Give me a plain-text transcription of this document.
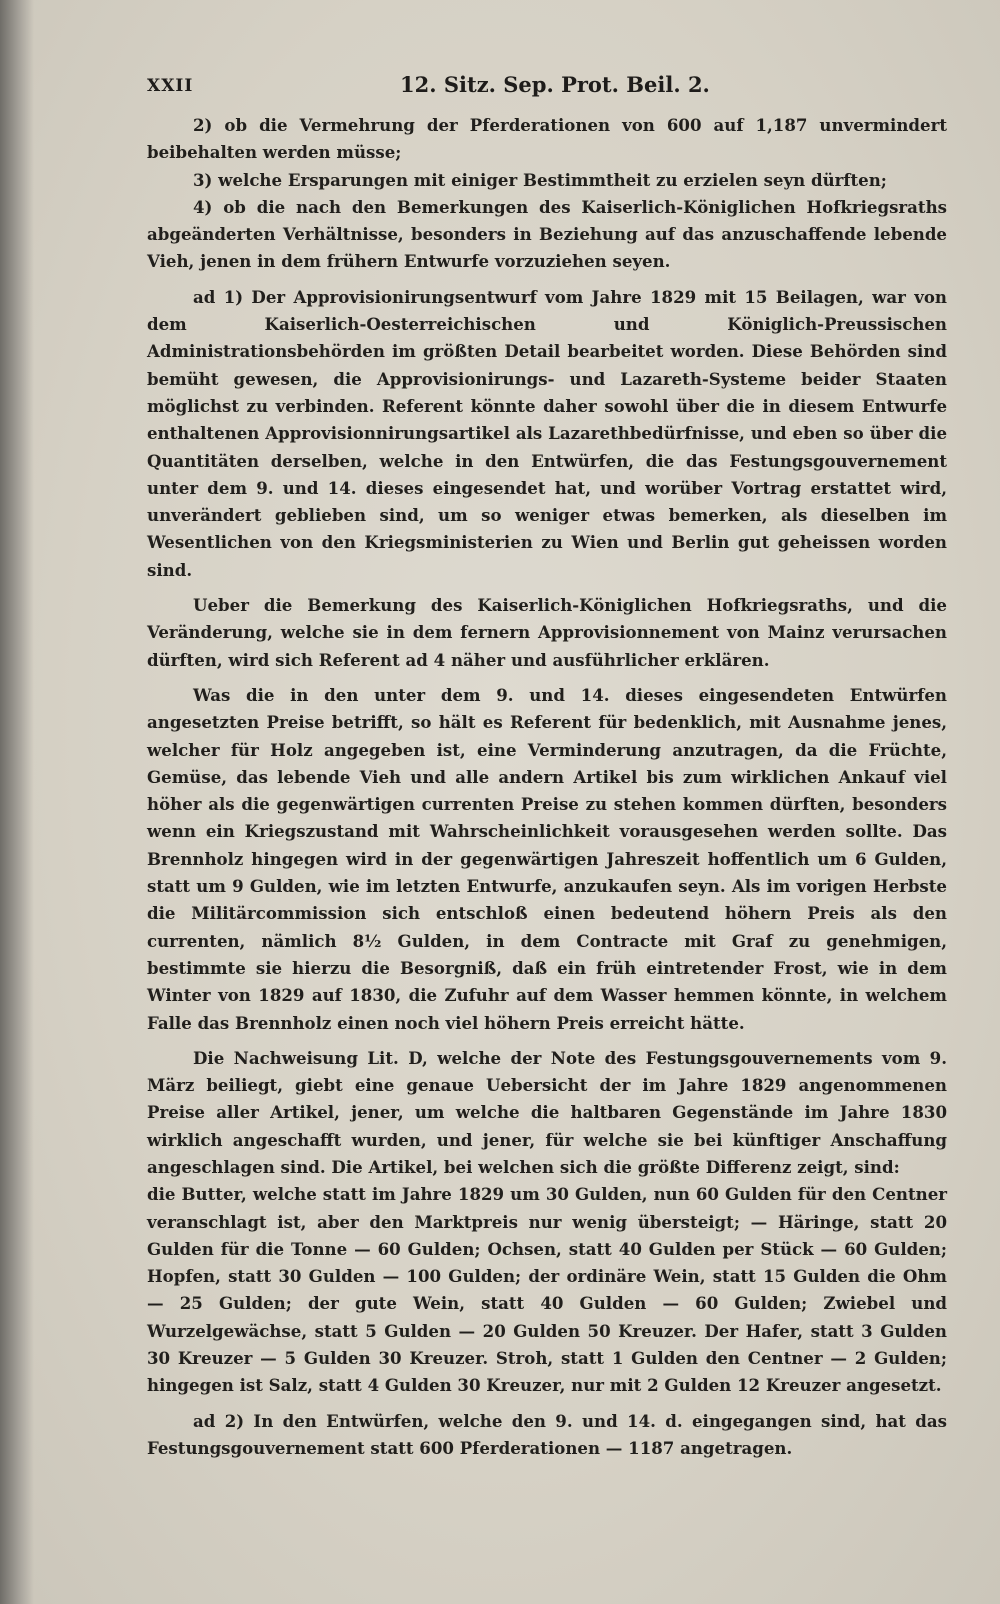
XXII	12. Sitz. Sep. Prot. Beil. 2.

2) ob die Vermehrung der Pferderationen von 600 auf 1,187 unvermindert beibehalten werden müsse;

3) welche Ersparungen mit einiger Bestimmtheit zu erzielen seyn dürften;

4) ob die nach den Bemerkungen des Kaiserlich-Königlichen Hofkriegsraths abgeänderten Verhältnisse, besonders in Beziehung auf das anzuschaffende lebende Vieh, jenen in dem frühern Entwurfe vorzuziehen seyen.

ad 1) Der Approvisionirungsentwurf vom Jahre 1829 mit 15 Beilagen, war von dem Kaiserlich-Oesterreichischen und Königlich-Preussischen Administrationsbehörden im größten Detail bearbeitet worden. Diese Behörden sind bemüht gewesen, die Approvisionirungs- und Lazareth-Systeme beider Staaten möglichst zu verbinden. Referent könnte daher sowohl über die in diesem Entwurfe enthaltenen Approvisionnirungsartikel als Lazarethbedürfnisse, und eben so über die Quantitäten derselben, welche in den Entwürfen, die das Festungsgouvernement unter dem 9. und 14. dieses eingesendet hat, und worüber Vortrag erstattet wird, unverändert geblieben sind, um so weniger etwas bemerken, als dieselben im Wesentlichen von den Kriegsministerien zu Wien und Berlin gut geheissen worden sind.

Ueber die Bemerkung des Kaiserlich-Königlichen Hofkriegsraths, und die Veränderung, welche sie in dem fernern Approvisionnement von Mainz verursachen dürften, wird sich Referent ad 4 näher und ausführlicher erklären.

Was die in den unter dem 9. und 14. dieses eingesendeten Entwürfen angesetzten Preise betrifft, so hält es Referent für bedenklich, mit Ausnahme jenes, welcher für Holz angegeben ist, eine Verminderung anzutragen, da die Früchte, Gemüse, das lebende Vieh und alle andern Artikel bis zum wirklichen Ankauf viel höher als die gegenwärtigen currenten Preise zu stehen kommen dürften, besonders wenn ein Kriegszustand mit Wahrscheinlichkeit vorausgesehen werden sollte. Das Brennholz hingegen wird in der gegenwärtigen Jahreszeit hoffentlich um 6 Gulden, statt um 9 Gulden, wie im letzten Entwurfe, anzukaufen seyn. Als im vorigen Herbste die Militärcommission sich entschloß einen bedeutend höhern Preis als den currenten, nämlich 8½ Gulden, in dem Contracte mit Graf zu genehmigen, bestimmte sie hierzu die Besorgniß, daß ein früh eintretender Frost, wie in dem Winter von 1829 auf 1830, die Zufuhr auf dem Wasser hemmen könnte, in welchem Falle das Brennholz einen noch viel höhern Preis erreicht hätte.

Die Nachweisung Lit. D, welche der Note des Festungsgouvernements vom 9. März beiliegt, giebt eine genaue Uebersicht der im Jahre 1829 angenommenen Preise aller Artikel, jener, um welche die haltbaren Gegenstände im Jahre 1830 wirklich angeschafft wurden, und jener, für welche sie bei künftiger Anschaffung angeschlagen sind. Die Artikel, bei welchen sich die größte Differenz zeigt, sind:

die Butter, welche statt im Jahre 1829 um 30 Gulden, nun 60 Gulden für den Centner veranschlagt ist, aber den Marktpreis nur wenig übersteigt; — Häringe, statt 20 Gulden für die Tonne — 60 Gulden; Ochsen, statt 40 Gulden per Stück — 60 Gulden; Hopfen, statt 30 Gulden — 100 Gulden; der ordinäre Wein, statt 15 Gulden die Ohm — 25 Gulden; der gute Wein, statt 40 Gulden — 60 Gulden; Zwiebel und Wurzelgewächse, statt 5 Gulden — 20 Gulden 50 Kreuzer. Der Hafer, statt 3 Gulden 30 Kreuzer — 5 Gulden 30 Kreuzer. Stroh, statt 1 Gulden den Centner — 2 Gulden; hingegen ist Salz, statt 4 Gulden 30 Kreuzer, nur mit 2 Gulden 12 Kreuzer angesetzt.

ad 2) In den Entwürfen, welche den 9. und 14. d. eingegangen sind, hat das Festungsgouvernement statt 600 Pferderationen — 1187 angetragen.
